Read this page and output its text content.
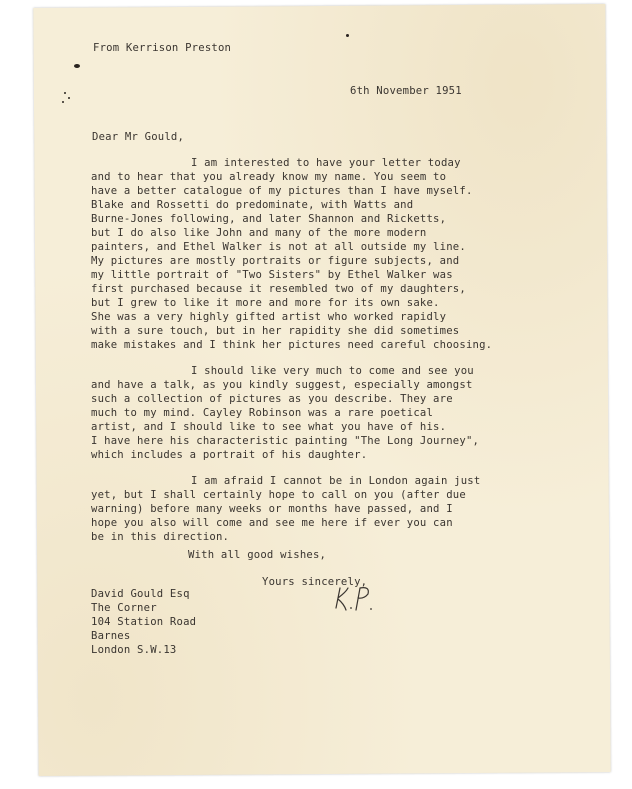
From Kerrison Preston
6th November 1951
Dear Mr Gould,
I am interested to have your letter today
and to hear that you already know my name. You seem to
have a better catalogue of my pictures than I have myself.
Blake and Rossetti do predominate, with Watts and
Burne-Jones following, and later Shannon and Ricketts,
but I do also like John and many of the more modern
painters, and Ethel Walker is not at all outside my line.
My pictures are mostly portraits or figure subjects, and
my little portrait of "Two Sisters" by Ethel Walker was
first purchased because it resembled two of my daughters,
but I grew to like it more and more for its own sake.
She was a very highly gifted artist who worked rapidly
with a sure touch, but in her rapidity she did sometimes
make mistakes and I think her pictures need careful choosing.
I should like very much to come and see you
and have a talk, as you kindly suggest, especially amongst
such a collection of pictures as you describe. They are
much to my mind. Cayley Robinson was a rare poetical
artist, and I should like to see what you have of his.
I have here his characteristic painting "The Long Journey",
which includes a portrait of his daughter.
I am afraid I cannot be in London again just
yet, but I shall certainly hope to call on you (after due
warning) before many weeks or months have passed, and I
hope you also will come and see me here if ever you can
be in this direction.
With all good wishes,
Yours sincerely,
David Gould Esq
The Corner
104 Station Road
Barnes
London S.W.13
